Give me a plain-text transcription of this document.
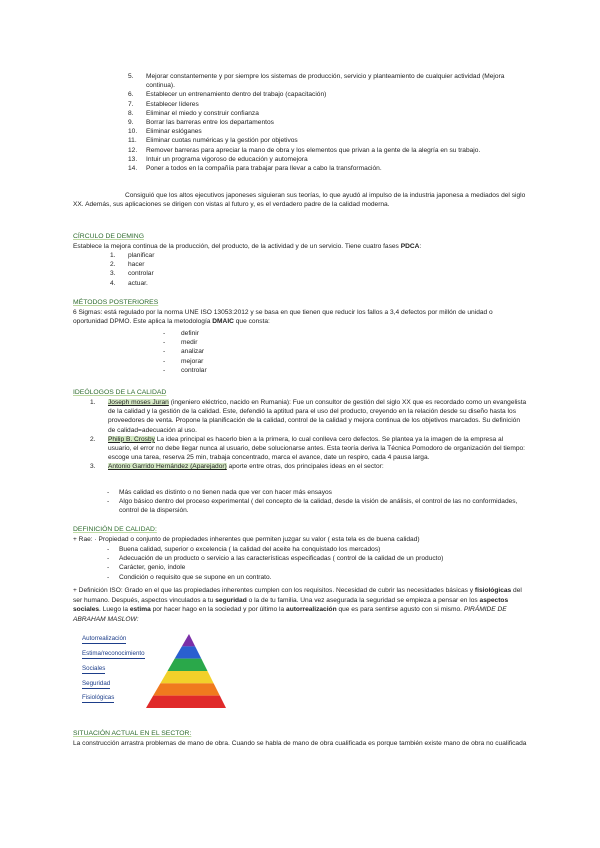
5. Mejorar constantemente y por siempre los sistemas de producción, servicio y planteamiento de cualquier actividad (Mejora continua).
6. Establecer un entrenamiento dentro del trabajo (capacitación)
7. Establecer líderes
8. Eliminar el miedo y construir confianza
9. Borrar las barreras entre los departamentos
10. Eliminar eslóganes
11. Eliminar cuotas numéricas y la gestión por objetivos
12. Remover barreras para apreciar la mano de obra y los elementos que privan a la gente de la alegría en su trabajo.
13. Intuir un programa vigoroso de educación y automejora
14. Poner a todos en la compañía para trabajar para llevar a cabo la transformación.
Consiguió que los altos ejecutivos japoneses siguieran sus teorías, lo que ayudó al impulso de la industria japonesa a mediados del siglo XX. Además, sus aplicaciones se dirigen con vistas al futuro y, es el verdadero padre de la calidad moderna.
CÍRCULO DE DEMING
Establece la mejora continua de la producción, del producto, de la actividad y de un servicio. Tiene cuatro fases PDCA:
1. planificar
2. hacer
3. controlar
4. actuar.
MÉTODOS POSTERIORES
6 Sigmas: está regulado por la norma UNE ISO 13053:2012 y se basa en que tienen que reducir los fallos a 3,4 defectos por millón de unidad o oportunidad DPMO. Este aplica la metodología DMAIC que consta:
- definir
- medir
- analizar
- mejorar
- controlar
IDEÓLOGOS DE LA CALIDAD
1. Joseph moses Juran (ingeniero eléctrico, nacido en Rumania): Fue un consultor de gestión del siglo XX que es recordado como un evangelista de la calidad y la gestión de la calidad. Este, defendió la aptitud para el uso del producto, creyendo en la relación desde su diseño hasta los proveedores de venta. Propone la planificación de la calidad, control de la calidad y mejora continua de los objetivos marcados. Su definición de calidad=adecuación al uso.
2. Philip B. Crosby La idea principal es hacerlo bien a la primera, lo cual conlleva cero defectos. Se plantea ya la imagen de la empresa al usuario, el error no debe llegar nunca al usuario, debe solucionarse antes. Esta teoría deriva la Técnica Pomodoro de organización del tiempo: escoge una tarea, reserva 25 min, trabaja concentrado, marca el avance, date un respiro, cada 4 pausa larga.
3. Antonio Garrido Hernández (Aparejador) aporte entre otras, dos principales ideas en el sector:
- Más calidad es distinto o no tienen nada que ver con hacer más ensayos
- Algo básico dentro del proceso experimental ( del concepto de la calidad, desde la visión de análisis, el control de las no conformidades, control de la dispersión.
DEFINICIÓN DE CALIDAD:
+ Rae: · Propiedad o conjunto de propiedades inherentes que permiten juzgar su valor ( esta tela es de buena calidad)
- Buena calidad, superior o excelencia ( la calidad del aceite ha conquistado los mercados)
- Adecuación de un producto o servicio a las características especificadas ( control de la calidad de un producto)
- Carácter, genio, índole
- Condición o requisito que se supone en un contrato.
+ Definición ISO: Grado en el que las propiedades inherentes cumplen con los requisitos. Necesidad de cubrir las necesidades básicas y fisiológicas del ser humano. Después, aspectos vinculados a tu seguridad o la de tu familia. Una vez asegurada la seguridad se empieza a pensar en los aspectos sociales. Luego la estima por hacer hago en la sociedad y por último la autorrealización que es para sentirse agusto con si mismo. PIRÁMIDE DE ABRAHAM MASLOW:
Autorrealización
Estima/reconocimiento
Sociales
Seguridad
Fisiológicas
SITUACIÓN ACTUAL EN EL SECTOR:
La construcción arrastra problemas de mano de obra. Cuando se habla de mano de obra cualificada es porque también existe mano de obra no cualificada
